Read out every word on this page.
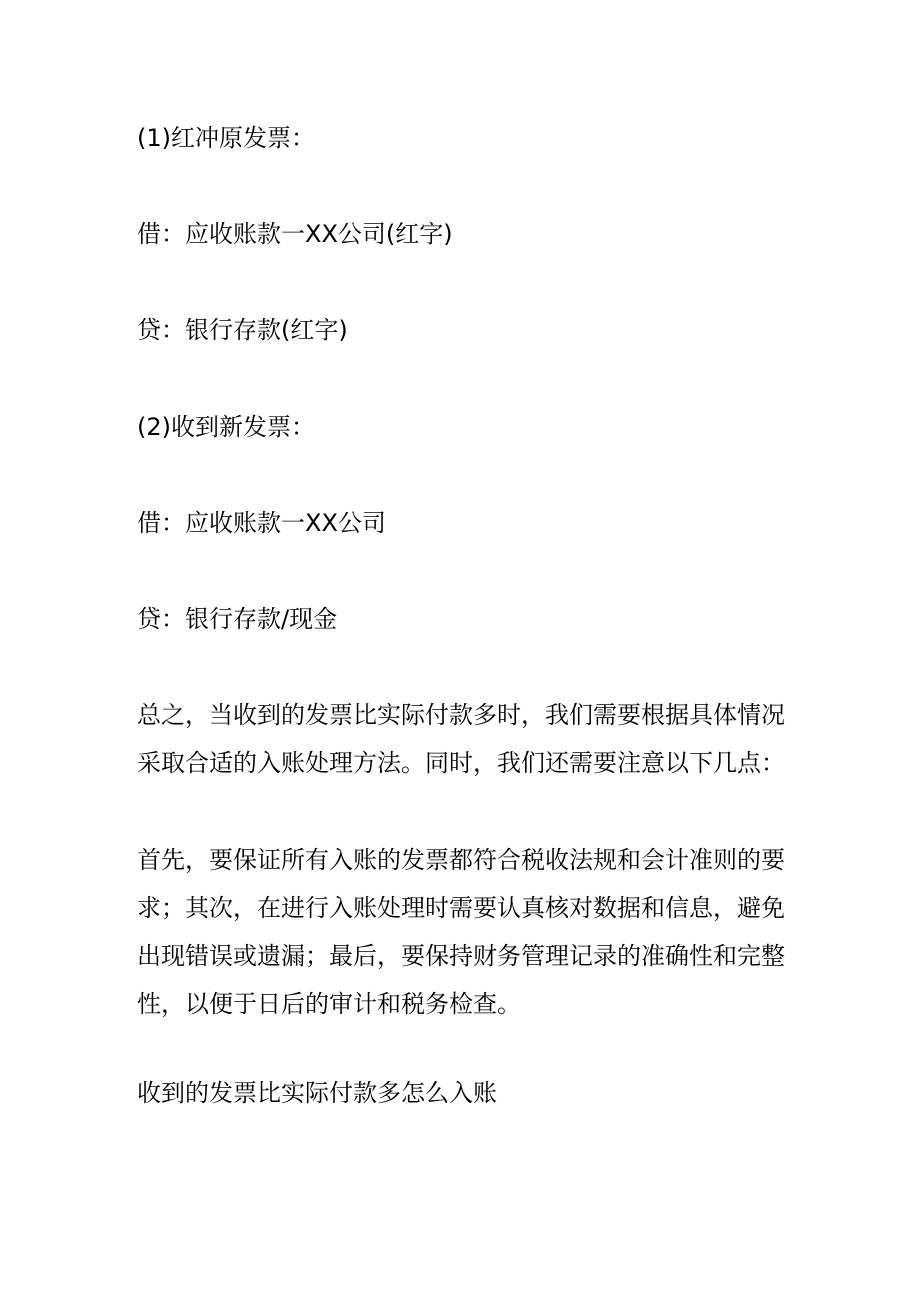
(1)红冲原发票：

借：应收账款一XX公司(红字)

贷：银行存款(红字)

(2)收到新发票：

借：应收账款一XX公司

贷：银行存款/现金

总之，当收到的发票比实际付款多时，我们需要根据具体情况
采取合适的入账处理方法。同时，我们还需要注意以下几点：
首先，要保证所有入账的发票都符合税收法规和会计准则的要
求；其次，在进行入账处理时需要认真核对数据和信息，避免
出现错误或遗漏；最后，要保持财务管理记录的准确性和完整
性，以便于日后的审计和税务检查。

收到的发票比实际付款多怎么入账
